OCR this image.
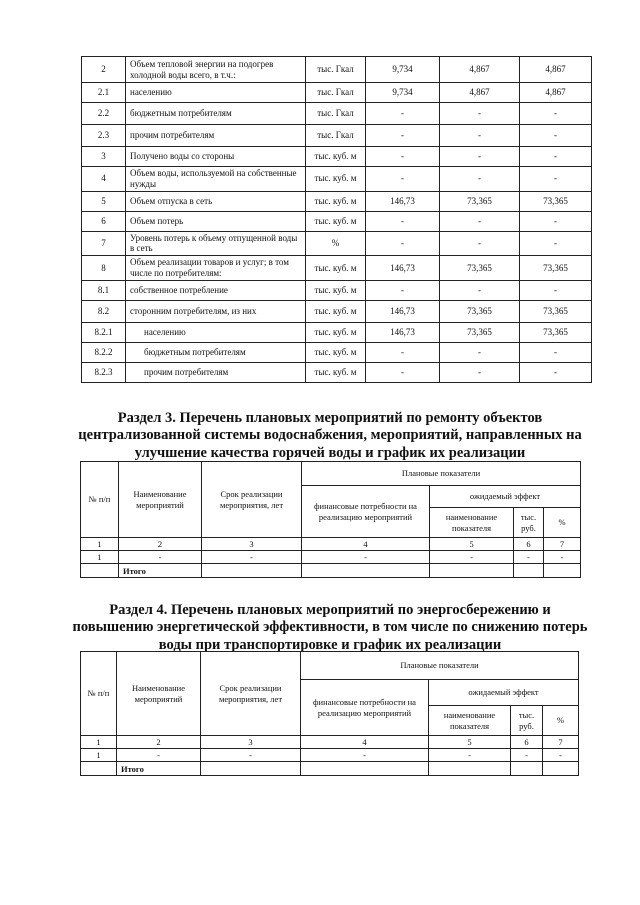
2	Объем тепловой энергии на подогрев холодной воды всего, в т.ч.:	тыс. Гкал	9,734	4,867	4,867
2.1	населению	тыс. Гкал	9,734	4,867	4,867
2.2	бюджетным потребителям	тыс. Гкал	-	-	-
2.3	прочим потребителям	тыс. Гкал	-	-	-
3	Получено воды со стороны	тыс. куб. м	-	-	-
4	Объем воды, используемой на собственные нужды	тыс. куб. м	-	-	-
5	Объем отпуска в сеть	тыс. куб. м	146,73	73,365	73,365
6	Объем потерь	тыс. куб. м	-	-	-
7	Уровень потерь к объему отпущенной воды в сеть	%	-	-	-
8	Объем реализации товаров и услуг; в том числе по потребителям:	тыс. куб. м	146,73	73,365	73,365
8.1	собственное потребление	тыс. куб. м	-	-	-
8.2	сторонним потребителям, из них	тыс. куб. м	146,73	73,365	73,365
8.2.1	населению	тыс. куб. м	146,73	73,365	73,365
8.2.2	бюджетным потребителям	тыс. куб. м	-	-	-
8.2.3	прочим потребителям	тыс. куб. м	-	-	-
Раздел 3. Перечень плановых мероприятий по ремонту объектов централизованной системы водоснабжения, мероприятий, направленных на улучшение качества горячей воды и график их реализации
№ п/п	Наименование мероприятий	Срок реализации мероприятия, лет	Плановые показатели			
			финансовые потребности на реализацию мероприятий	ожидаемый эффект		
				наименование показателя	тыс. руб.	%
1	2	3	4	5	6	7
1	-	-	-	-	-	-
	Итого					
Раздел 4. Перечень плановых мероприятий по энергосбережению и повышению энергетической эффективности, в том числе по снижению потерь воды при транспортировке и график их реализации
№ п/п	Наименование мероприятий	Срок реализации мероприятия, лет	Плановые показатели			
			финансовые потребности на реализацию мероприятий	ожидаемый эффект		
				наименование показателя	тыс. руб.	%
1	2	3	4	5	6	7
1	-	-	-	-	-	-
	Итого					
